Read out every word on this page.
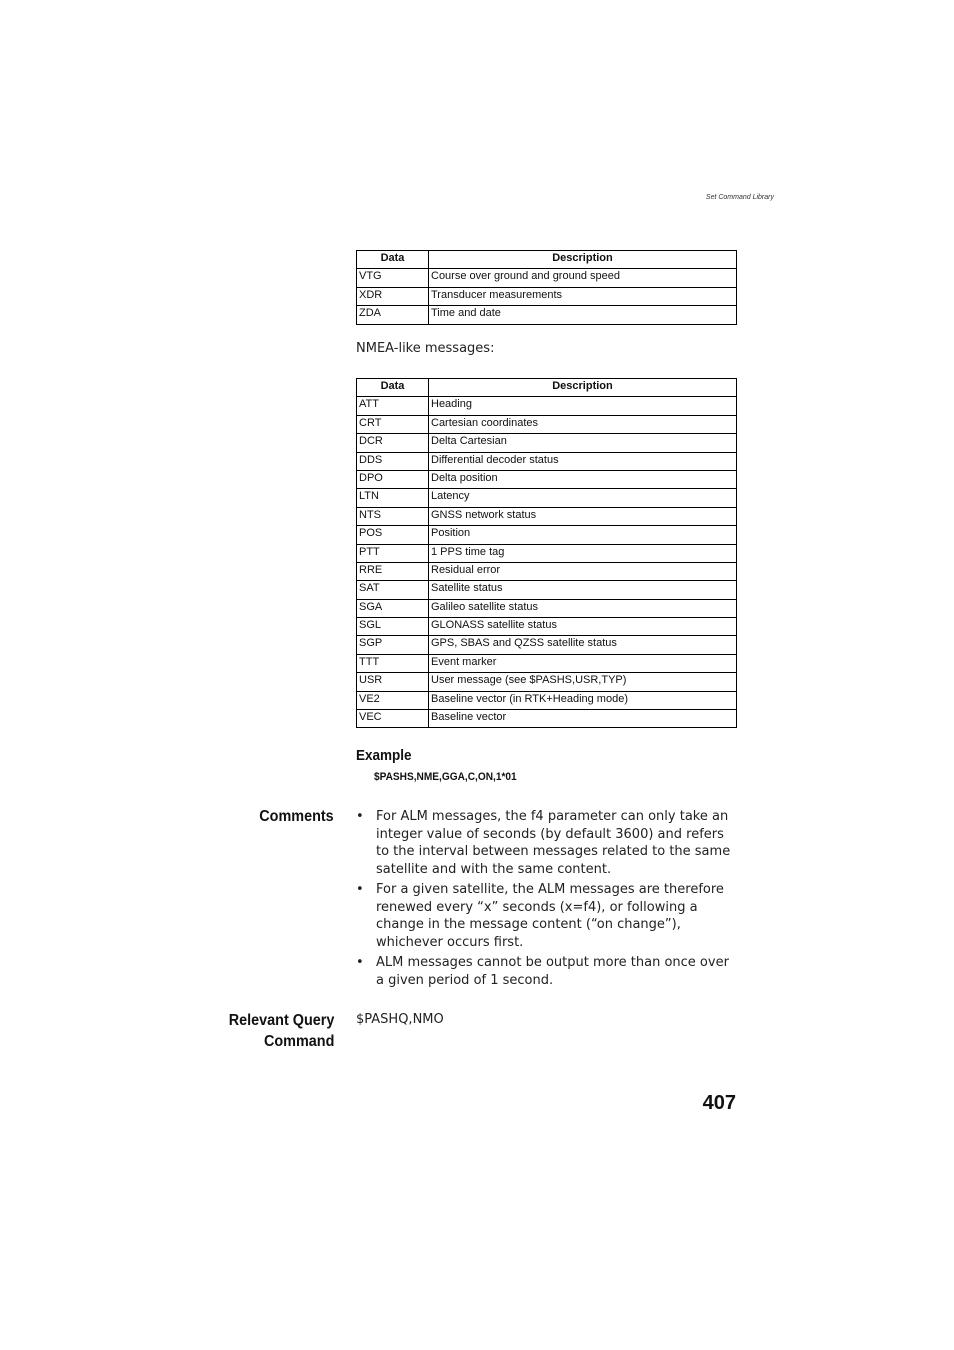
Set Command Library
Data	Description
VTG	Course over ground and ground speed
XDR	Transducer measurements
ZDA	Time and date
NMEA-like messages:
Data	Description
ATT	Heading
CRT	Cartesian coordinates
DCR	Delta Cartesian
DDS	Differential decoder status
DPO	Delta position
LTN	Latency
NTS	GNSS network status
POS	Position
PTT	1 PPS time tag
RRE	Residual error
SAT	Satellite status
SGA	Galileo satellite status
SGL	GLONASS satellite status
SGP	GPS, SBAS and QZSS satellite status
TTT	Event marker
USR	User message (see $PASHS,USR,TYP)
VE2	Baseline vector (in RTK+Heading mode)
VEC	Baseline vector
Example
$PASHS,NME,GGA,C,ON,1*01
Comments • For ALM messages, the f4 parameter can only take an integer value of seconds (by default 3600) and refers to the interval between messages related to the same satellite and with the same content.
• For a given satellite, the ALM messages are therefore renewed every “x” seconds (x=f4), or following a change in the message content (“on change”), whichever occurs first.
• ALM messages cannot be output more than once over a given period of 1 second.
Relevant Query
Command
$PASHQ,NMO
407
